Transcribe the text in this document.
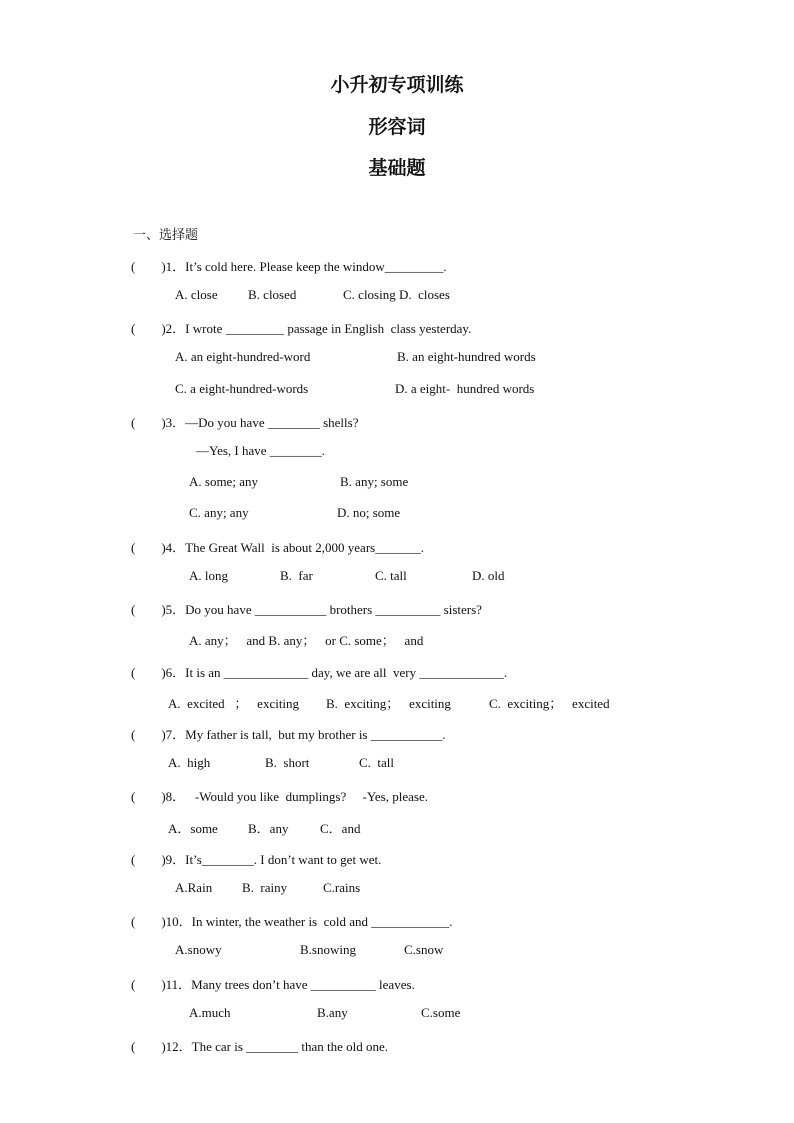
小升初专项训练
形容词
基础题
一、选择题
(        )1．It’s cold here. Please keep the window_________.
A. close B. closed	C. closing D.  closes
(        )2．I wrote _________ passage in English  class yesterday.
A. an eight-hundred-word	B. an eight-hundred words
C. a eight-hundred-words	D. a eight-  hundred words
(        )3．—Do you have ________ shells?
—Yes, I have ________.
A. some; any	B. any; some
C. any; any	D. no; some
(        )4．The Great Wall  is about 2,000 years_______.
A. long	B.  far	C. tall	D. old
(        )5．Do you have ___________ brothers __________ sisters?
A. any；   and B. any；   or C. some；   and
(        )6．It is an _____________ day, we are all  very _____________.
A.  excited   ；   exciting B.  exciting；   exciting	C.  exciting；   excited
(        )7．My father is tall,  but my brother is ___________.
A.  high	B.  short	C.  tall
(        )8．   -Would you like  dumplings?     -Yes, please.
A．some B．any C．and
(        )9．It’s________. I don’t want to get wet.
A.Rain B.  rainy	C.rains
(        )10．In winter, the weather is  cold and ____________.
A.snowy	B.snowing	C.snow
(        )11．Many trees don’t have __________ leaves.
A.much	B.any	C.some
(        )12．The car is ________ than the old one.
